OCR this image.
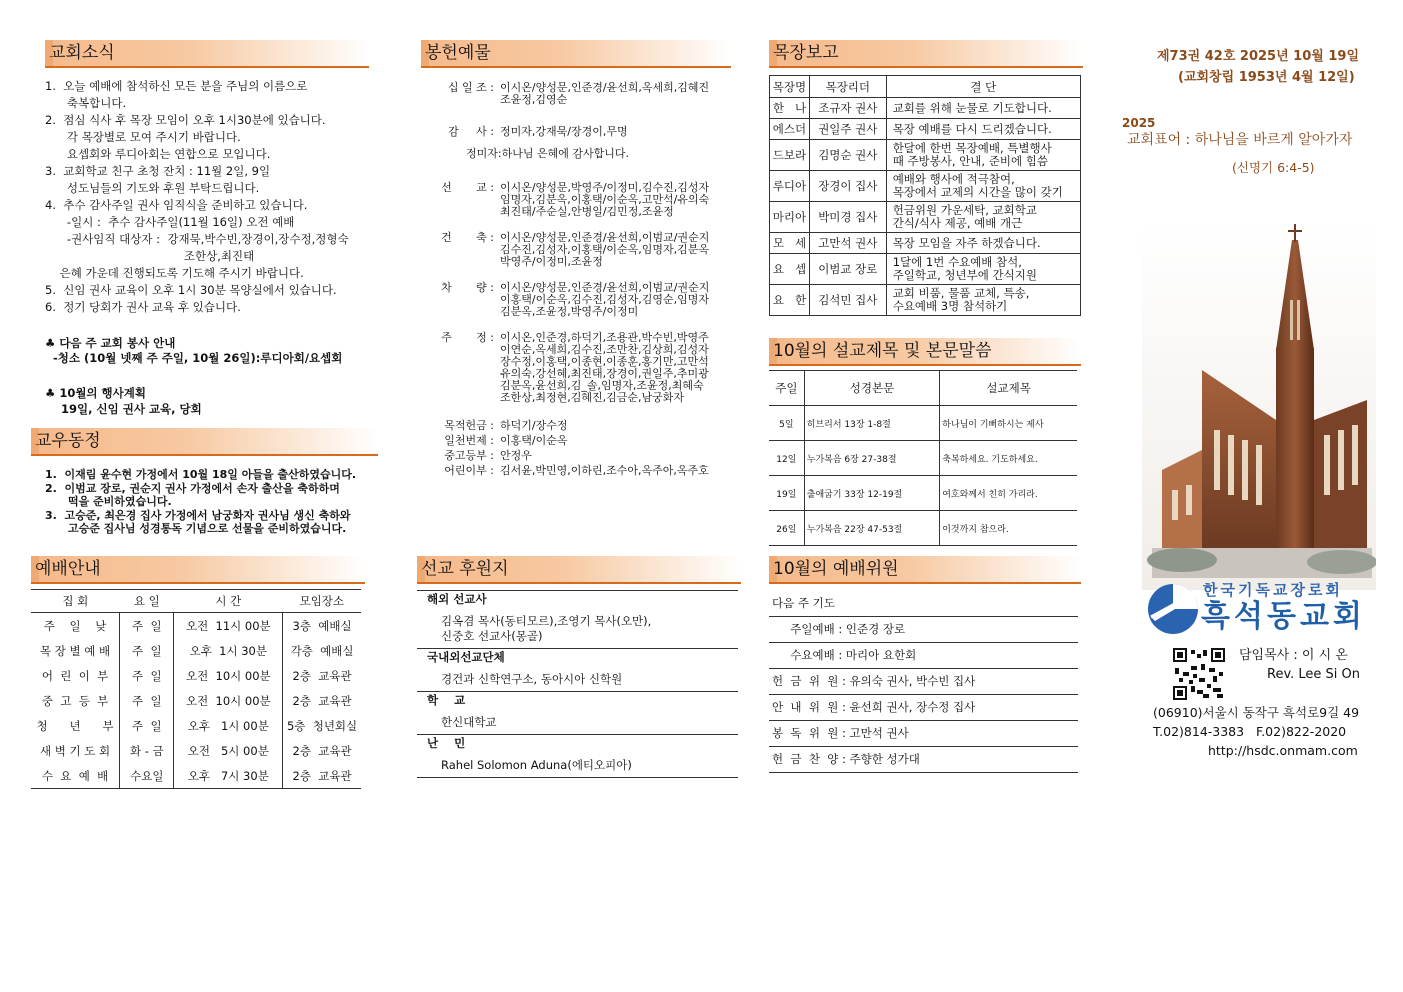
교회소식
1.  오늘 예배에 참석하신 모든 분을 주님의 이름으로
축복합니다.
2.  점심 식사 후 목장 모임이 오후 1시30분에 있습니다.
각 목장별로 모여 주시기 바랍니다.
요셉회와 루디아회는 연합으로 모입니다.
3.  교회학교 친구 초청 잔치 : 11월 2일, 9일
성도님들의 기도와 후원 부탁드립니다.
4.  추수 감사주일 권사 임직식을 준비하고 있습니다.
-일시 :  추수 감사주일(11월 16일) 오전 예배
-권사임직 대상자 :  강재묵,박수빈,장경이,장수정,정형숙
조한상,최진태
은혜 가운데 진행되도록 기도해 주시기 바랍니다.
5.  신임 권사 교육이 오후 1시 30분 목양실에서 있습니다.
6.  정기 당회가 권사 교육 후 있습니다.
♣ 다음 주 교회 봉사 안내
-청소 (10월 넷째 주 주일, 10월 26일):루디아회/요셉회
♣ 10월의 행사계획
19일, 신임 권사 교육, 당회
교우동정
1.  이재림 윤수현 가정에서 10월 18일 아들을 출산하였습니다.
2.  이범교 장로, 권순지 권사 가정에서 손자 출산을 축하하며
떡을 준비하였습니다.
3.  고승준, 최은경 집사 가정에서 남궁화자 권사님 생신 축하와
고승준 집사님 성경통독 기념으로 선물을 준비하였습니다.
예배안내
집 회	요 일	시 간	모임장소
주    일    낮	주  일	오전  11시 00분	3층  예배실
목 장 별 예 배	주  일	오후  1시 30분	각층  예배실
어  린  이  부	주  일	오전  10시 00분	2층  교육관
중  고  등  부	주  일	오전  10시 00분	2층  교육관
청      년      부	주  일	오후   1시 00분	5층  청년회실
새 벽 기 도 회	화 - 금	오전   5시 00분	2층  교육관
수  요  예  배	수요일	오후   7시 30분	2층  교육관
봉헌예물
십 일 조 : 이시온/양성문,인준경/윤선희,옥세희,김혜진
조윤정,김영순
감     사 : 정미자,강재묵/장경이,무명
정미자:하나님 은혜에 감사합니다.
선       교 : 이시온/양성문,박영주/이정미,김수진,김성자
임명자,김분옥,이홍택/이순옥,고만석/유의숙
최진태/주순실,안병일/김민정,조윤정
건       축 : 이시온/양성문,인준경/윤선희,이범교/권순지
김수진,김성자,이홍택/이순옥,임명자,김분옥
박영주/이정미,조윤정
차       량 : 이시온/양성문,인준경/윤선희,이범교/권순지
이홍택/이순옥,김수진,김성자,김영순,임명자
김분옥,조윤정,박영주/이정미
주       정 : 이시온,인준경,하덕기,조용관,박수빈,박영주
이연순,옥세희,김수진,조만찬,김상희,김성자
장수정,이홍택,이종현,이종훈,홍기만,고만석
유의숙,강선혜,최진태,장경이,권일주,추미광
김분옥,윤선희,김_솔,임명자,조윤정,최혜숙
조한상,최정현,김혜진,김금순,남궁화자
목적헌금 : 하덕기/장수정
일천번제 : 이홍택/이순옥
중고등부 : 안정우
어린이부 : 김서윤,박민영,이하린,조수아,옥주아,옥주호
선교 후원지
해외 선교사
김옥겸 목사(동티모르),조영기 목사(오만),
신중호 선교사(몽골)
국내외선교단체
경건과 신학연구소, 동아시아 신학원
학    교
한신대학교
난    민
Rahel Solomon Aduna(에티오피아)
목장보고
목장명	목장리더	결 단
한   나	조규자 권사	교회를 위해 눈물로 기도합니다.
에스더	권일주 권사	목장 예배를 다시 드리겠습니다.
드보라	김명순 권사	한달에 한번 목장예배, 특별행사
때 주방봉사, 안내, 준비에 힘씀
루디아	장경이 집사	예배와 행사에 적극참여,
목장에서 교제의 시간을 많이 갖기
마리아	박미경 집사	헌금위원 가운세탁, 교회학교
간식/식사 제공, 예배 개근
모   세	고만석 권사	목장 모임을 자주 하겠습니다.
요   셉	이범교 장로	1달에 1번 수요예배 참석,
주일학교, 청년부에 간식지원
요   한	김석민 집사	교회 비품, 물품 교체, 특송,
수요예배 3명 참석하기
10월의 설교제목 및 본문말씀
주일	성경본문	설교제목
5일	히브리서 13장 1-8절	하나님이 기뻐하시는 제사
12일	누가복음 6장 27-38절	축복하세요. 기도하세요.
19일	출애굽기 33장 12-19절	여호와께서 친히 가리라.
26일	누가복음 22장 47-53절	이것까지 참으라.
10월의 예배위원
다음 주 기도
주일예배 : 인준경 장로
수요예배 : 마리아 요한회
헌  금  위  원 : 유의숙 권사, 박수빈 집사
안  내  위  원 : 윤선희 권사, 장수정 집사
봉  독  위  원 : 고만석 권사
헌  금  찬  양 : 주향한 성가대
제73권 42호 2025년 10월 19일
(교회창립 1953년 4월 12일)
2025
교회표어 : 하나님을 바르게 알아가자
(신명기 6:4-5)
한국기독교장로회
흑석동교회
담임목사 : 이 시 온
Rev. Lee Si On
(06910)서울시 동작구 흑석로9길 49
T.02)814-3383   F.02)822-2020
http://hsdc.onmam.com
